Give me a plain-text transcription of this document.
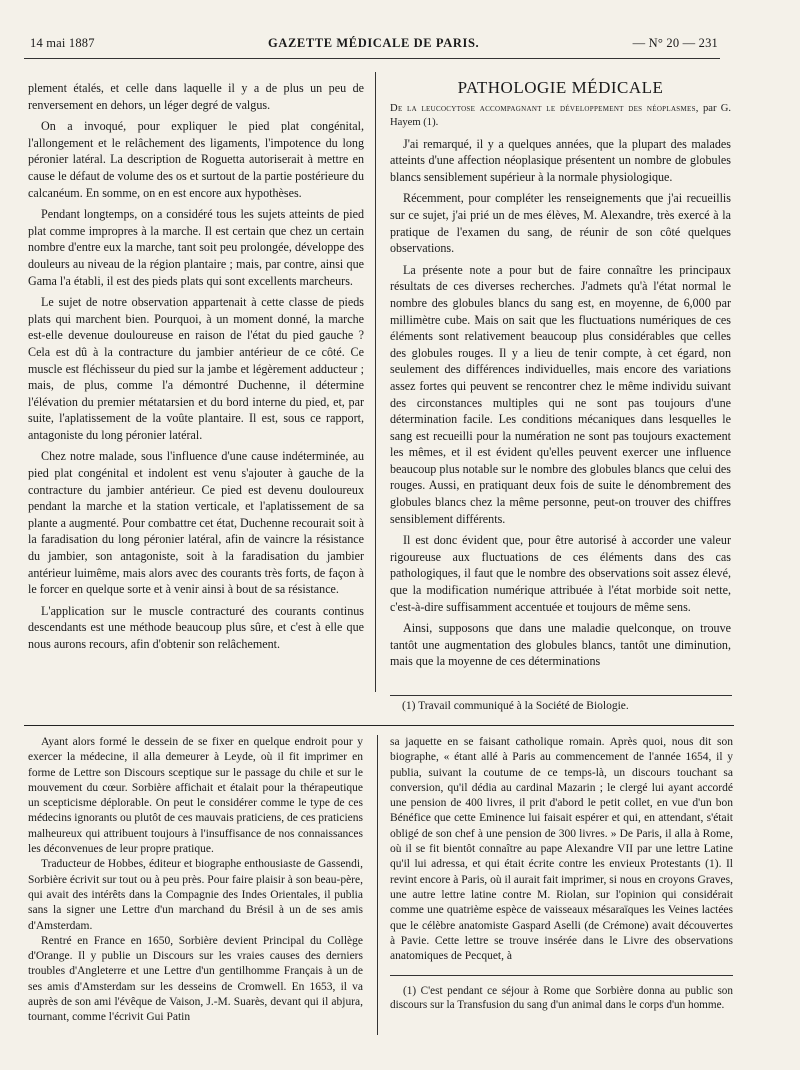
14 mai 1887	GAZETTE MÉDICALE DE PARIS.	— N° 20 — 231

plement étalés, et celle dans laquelle il y a de plus un peu de renversement en dehors, un léger degré de valgus.

On a invoqué, pour expliquer le pied plat congénital, l'allongement et le relâchement des ligaments, l'impotence du long péronier latéral. La description de Roguetta autoriserait à mettre en cause le défaut de volume des os et surtout de la partie postérieure du calcanéum. En somme, on en est encore aux hypothèses.

Pendant longtemps, on a considéré tous les sujets atteints de pied plat comme impropres à la marche. Il est certain que chez un certain nombre d'entre eux la marche, tant soit peu prolongée, développe des douleurs au niveau de la région plantaire ; mais, par contre, ainsi que Gama l'a établi, il est des pieds plats qui sont excellents marcheurs.

Le sujet de notre observation appartenait à cette classe de pieds plats qui marchent bien. Pourquoi, à un moment donné, la marche est-elle devenue douloureuse en raison de l'état du pied gauche ? Cela est dû à la contracture du jambier antérieur de ce côté. Ce muscle est fléchisseur du pied sur la jambe et légèrement adducteur ; mais, de plus, comme l'a démontré Duchenne, il détermine l'élévation du premier métatarsien et du bord interne du pied, et, par suite, l'aplatissement de la voûte plantaire. Il est, sous ce rapport, antagoniste du long péronier latéral.

Chez notre malade, sous l'influence d'une cause indéterminée, au pied plat congénital et indolent est venu s'ajouter à gauche de la contracture du jambier antérieur. Ce pied est devenu douloureux pendant la marche et la station verticale, et l'aplatissement de sa plante a augmenté. Pour combattre cet état, Duchenne recourait soit à la faradisation du long péronier latéral, afin de vaincre la résistance du jambier, son antagoniste, soit à la faradisation du jambier antérieur luimême, mais alors avec des courants très forts, de façon à le forcer en quelque sorte et à venir ainsi à bout de sa résistance.

L'application sur le muscle contracturé des courants continus descendants est une méthode beaucoup plus sûre, et c'est à elle que nous aurons recours, afin d'obtenir son relâchement.

PATHOLOGIE MÉDICALE

De la leucocytose accompagnant le développement des néoplasmes, par G. Hayem (1).

J'ai remarqué, il y a quelques années, que la plupart des malades atteints d'une affection néoplasique présentent un nombre de globules blancs sensiblement supérieur à la normale physiologique.

Récemment, pour compléter les renseignements que j'ai recueillis sur ce sujet, j'ai prié un de mes élèves, M. Alexandre, très exercé à la pratique de l'examen du sang, de réunir de son côté quelques observations.

La présente note a pour but de faire connaître les principaux résultats de ces diverses recherches. J'admets qu'à l'état normal le nombre des globules blancs du sang est, en moyenne, de 6,000 par millimètre cube. Mais on sait que les fluctuations numériques de ces éléments sont relativement beaucoup plus considérables que celles des globules rouges. Il y a lieu de tenir compte, à cet égard, non seulement des différences individuelles, mais encore des variations assez fortes qui peuvent se rencontrer chez le même individu suivant des circonstances multiples qui ne sont pas toujours d'une détermination facile. Les conditions mécaniques dans lesquelles le sang est recueilli pour la numération ne sont pas toujours exactement les mêmes, et il est évident qu'elles peuvent exercer une influence beaucoup plus notable sur le nombre des globules blancs que celui des rouges. Aussi, en pratiquant deux fois de suite le dénombrement des globules blancs chez la même personne, peut-on trouver des chiffres sensiblement différents.

Il est donc évident que, pour être autorisé à accorder une valeur rigoureuse aux fluctuations de ces éléments dans des cas pathologiques, il faut que le nombre des observations soit assez élevé, que la modification numérique attribuée à l'état morbide soit nette, c'est-à-dire suffisamment accentuée et toujours de même sens.

Ainsi, supposons que dans une maladie quelconque, on trouve tantôt une augmentation des globules blancs, tantôt une diminution, mais que la moyenne de ces déterminations

(1) Travail communiqué à la Société de Biologie.

Ayant alors formé le dessein de se fixer en quelque endroit pour y exercer la médecine, il alla demeurer à Leyde, où il fit imprimer en forme de Lettre son Discours sceptique sur le passage du chile et sur le mouvement du cœur. Sorbière affichait et étalait pour la thérapeutique un scepticisme déplorable. On peut le considérer comme le type de ces médecins ignorants ou plutôt de ces mauvais praticiens, de ces praticiens malheureux qui attribuent toujours à l'insuffisance de nos connaissances les déconvenues de leur propre pratique.

Traducteur de Hobbes, éditeur et biographe enthousiaste de Gassendi, Sorbière écrivit sur tout ou à peu près. Pour faire plaisir à son beau-père, qui avait des intérêts dans la Compagnie des Indes Orientales, il publia sans la signer une Lettre d'un marchand du Brésil à un de ses amis d'Amsterdam.

Rentré en France en 1650, Sorbière devient Principal du Collège d'Orange. Il y publie un Discours sur les vraies causes des derniers troubles d'Angleterre et une Lettre d'un gentilhomme Français à un de ses amis d'Amsterdam sur les desseins de Cromwell. En 1653, il va auprès de son ami l'évêque de Vaison, J.-M. Suarès, devant qui il abjura, tournant, comme l'écrivit Gui Patin

sa jaquette en se faisant catholique romain. Après quoi, nous dit son biographe, « étant allé à Paris au commencement de l'année 1654, il y publia, suivant la coutume de ce temps-là, un discours touchant sa conversion, qu'il dédia au cardinal Mazarin ; le clergé lui ayant accordé une pension de 400 livres, il prit d'abord le petit collet, en vue d'un bon Bénéfice que cette Eminence lui faisait espérer et qui, en attendant, s'était obligé de son chef à une pension de 300 livres. » De Paris, il alla à Rome, où il se fit bientôt connaître au pape Alexandre VII par une lettre Latine qu'il lui adressa, et qui était écrite contre les envieux Protestants (1). Il revint encore à Paris, où il aurait fait imprimer, si nous en croyons Graves, une autre lettre latine contre M. Riolan, sur l'opinion qui considérait comme une quatrième espèce de vaisseaux mésaraïques les Veines lactées que le célèbre anatomiste Gaspard Aselli (de Crémone) avait découvertes à Pavie. Cette lettre se trouve insérée dans le Livre des observations anatomiques de Pecquet, à

(1) C'est pendant ce séjour à Rome que Sorbière donna au public son discours sur la Transfusion du sang d'un animal dans le corps d'un homme.
